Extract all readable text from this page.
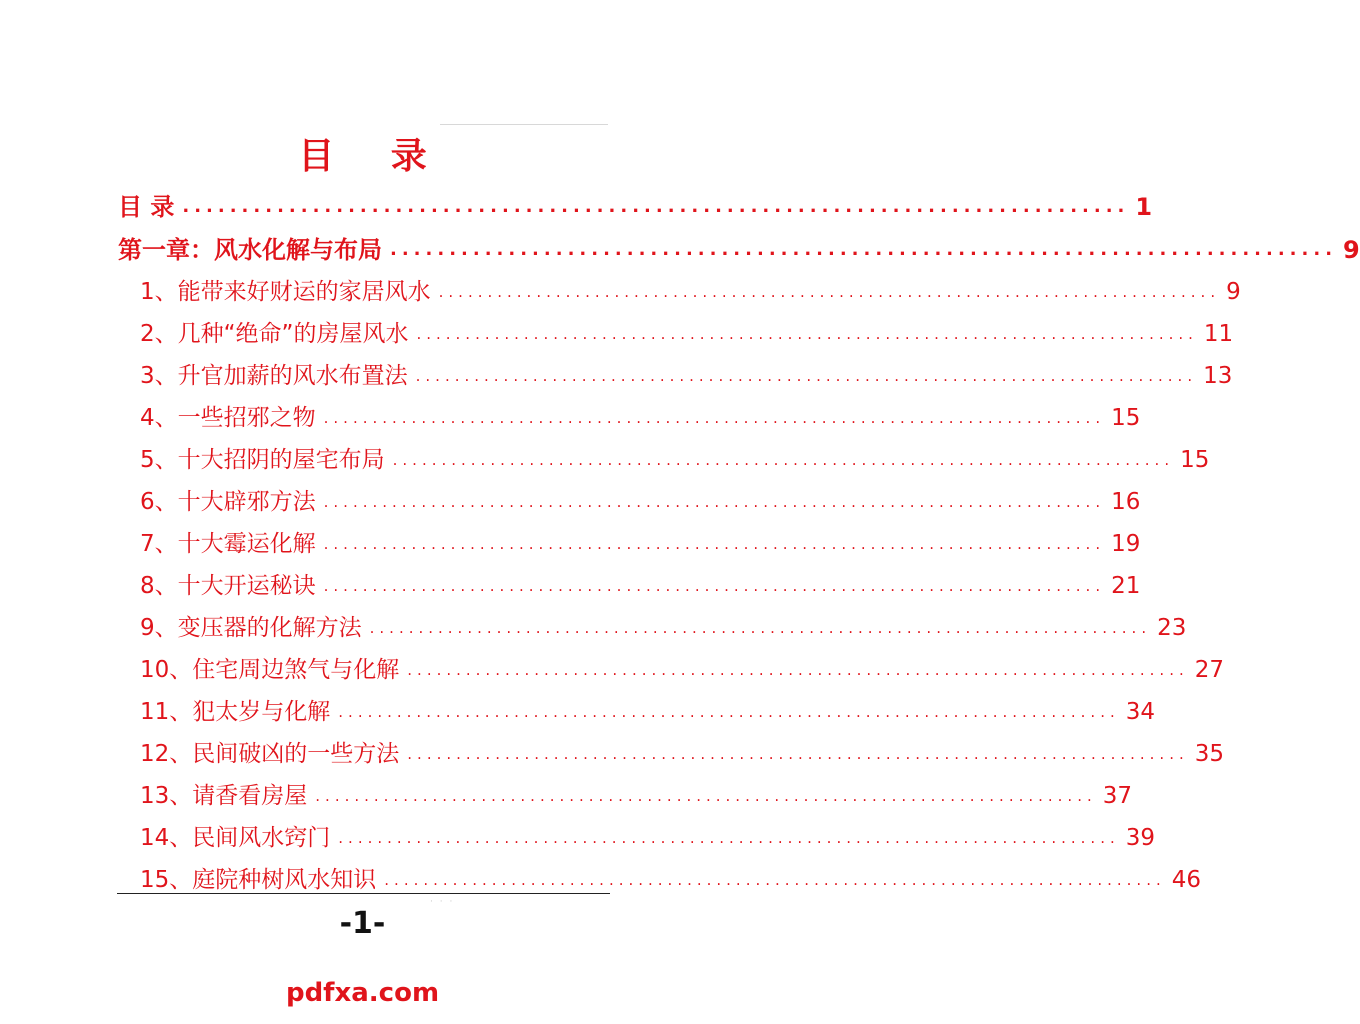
目 录
目 录 ................................................................................ 1
第一章：风水化解与布局 ................................................................................ 9
1、能带来好财运的家居风水 ................................................................................ 9
2、几种“绝命”的房屋风水 ................................................................................ 11
3、升官加薪的风水布置法 ................................................................................ 13
4、一些招邪之物 ................................................................................ 15
5、十大招阴的屋宅布局 ................................................................................ 15
6、十大辟邪方法 ................................................................................ 16
7、十大霉运化解 ................................................................................ 19
8、十大开运秘诀 ................................................................................ 21
9、变压器的化解方法 ................................................................................ 23
10、住宅周边煞气与化解 ................................................................................ 27
11、犯太岁与化解 ................................................................................ 34
12、民间破凶的一些方法 ................................................................................ 35
13、请香看房屋 ................................................................................ 37
14、民间风水窍门 ................................................................................ 39
15、庭院种树风水知识 ................................................................................ 46
· · ·
-1-
pdfxa.com
